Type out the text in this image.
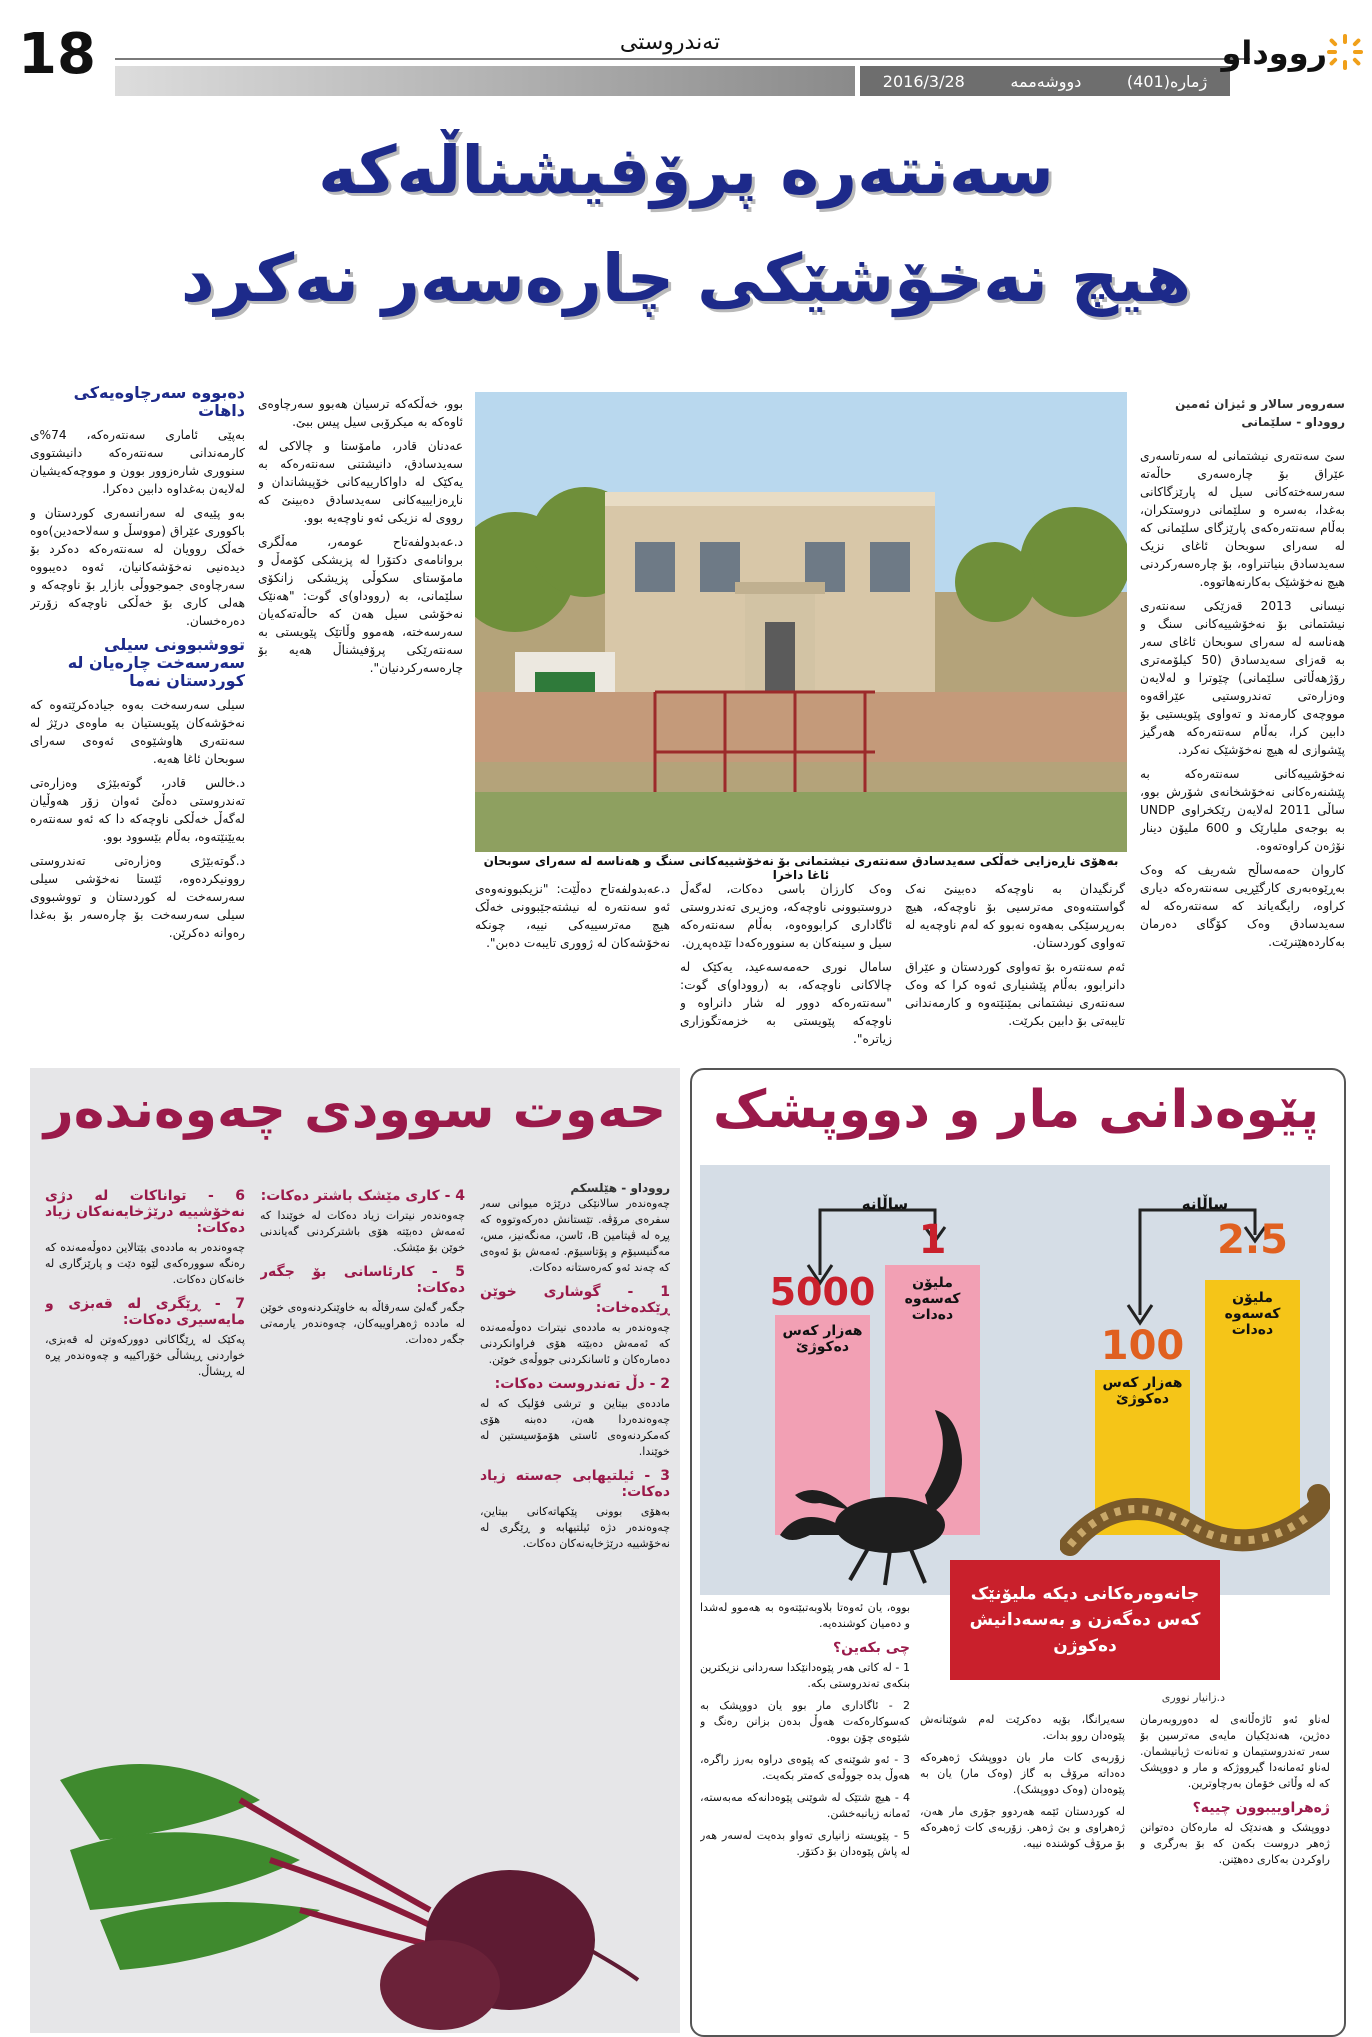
18	تەندروستی
ژمارە(401)
دووشەممە
2016/3/28
رووداو
سەنتەرە پرۆفیشناڵەکە
هیچ نەخۆشێکی چارەسەر نەکرد
سەروەر سالار و ئیزان ئەمین
رووداو - سلێمانی

سێ سەنتەری نیشتمانی لە سەرتاسەری عێراق بۆ چارەسەری حاڵەتە سەرسەختەکانی سیل لە پارێزگاکانی بەغدا، بەسرە و سلێمانی دروستکران، بەڵام سەنتەرەکەی پارێزگای سلێمانی کە لە سەرای سوبحان ئاغای نزیک سەیدسادق بنیاتنراوە، بۆ چارەسەرکردنی هیچ نەخۆشێک بەکارنەهاتووە.

نیسانی 2013 قەزێکی سەنتەری نیشتمانی بۆ نەخۆشییەکانی سنگ و هەناسە لە سەرای سوبحان ئاغای سەر بە قەزای سەیدسادق (50 کیلۆمەتری رۆژهەڵاتی سلێمانی) چێوترا و لەلایەن وەزارەتی تەندروستیی عێراقەوە مووچەی کارمەند و تەواوی پێویستیی بۆ دابین کرا، بەڵام سەنتەرەکە هەرگیز پێشوازی لە هیچ نەخۆشێک نەکرد.

نەخۆشییەکانی سەنتەرەکە بە پێشنەرەکانی نەخۆشخانەی شۆرش بوو، ساڵی 2011 لەلایەن رێکخراوی UNDP بە بوجەی ملیارێک و 600 ملیۆن دینار نۆژەن کراوەتەوە.

کاروان حەمەساڵح شەریف کە وەک بەڕێوەبەری کارگێڕیی سەنتەرەکە دیاری کراوە، رایگەیاند کە سەنتەرەکە لە سەیدسادق وەک کۆگای دەرمان بەکاردەهێنرێت.

بەهۆی ناڕەزایی خەڵکی سەیدسادق سەنتەری نیشتمانی بۆ نەخۆشییەکانی سنگ و هەناسە لە سەرای سوبحان ئاغا داخرا

گرنگیدان بە ناوچەکە دەبینێ نەک گواستنەوەی مەترسیی بۆ ناوچەکە، هیچ بەرپرسێکی بەهەوە نەبوو کە لەم ناوچەیە لە تەواوی کوردستان.

ئەم سەنتەرە بۆ تەواوی کوردستان و عێراق دانرابوو، بەڵام پێشنیاری ئەوە کرا کە وەک سەنتەری نیشتمانی بمێنێتەوە و کارمەندانی تایبەتی بۆ دابین بکرێت.

وەک کارزان باسی دەکات، لەگەڵ دروستبوونی ناوچەکە، وەزیری تەندروستی ئاگاداری کرابووەوە، بەڵام سەنتەرەکە سیل و سینەکان بە سنوورەکەدا تێدەپەڕن.

سامال نوری حەمەسەعید، یەکێک لە چالاکانی ناوچەکە، بە (رووداو)ی گوت: "سەنتەرەکە دوور لە شار دانراوە و ناوچەکە پێویستی بە خزمەتگوزاری زیاترە".

د.عەبدولفەتاح دەڵێت: "نزیکبوونەوەی ئەو سەنتەرە لە نیشتەجێبوونی خەڵک هیچ مەترسییەکی نییە، چونکە نەخۆشەکان لە ژووری تایبەت دەبن".

بوو، خەڵکەکە ترسیان هەبوو سەرچاوەی ئاوەکە بە میکرۆبی سیل پیس ببێ.

عەدنان قادر، مامۆستا و چالاکی لە سەیدسادق، دانیشتنی سەنتەرەکە بە یەکێک لە داواکارییەکانی خۆپیشاندان و ناڕەزایییەکانی سەیدسادق دەبینێ کە رووی لە نزیکی ئەو ناوچەیە بوو.

د.عەبدولفەتاح عومەر، مەڵگری بروانامەی دکتۆرا لە پزیشکی کۆمەڵ و مامۆستای سکوڵی پزیشکی زانکۆی سلێمانی، بە (رووداو)ی گوت: "هەنێک نەخۆشی سیل هەن کە حاڵەتەکەیان سەرسەختە، هەموو وڵاتێک پێویستی بە سەنتەرێکی پرۆفیشناڵ هەیە بۆ چارەسەرکردنیان".

دەبووە سەرچاوەیەکی داهات

بەپێی ئاماری سەنتەرەکە، 74%ی کارمەندانی سەنتەرەکە دانیشتووی سنووری شارەزوور بوون و مووچەکەیشیان لەلایەن بەغداوە دابین دەکرا.

بەو پێیەی لە سەرانسەری کوردستان و باکووری عێراق (مووسڵ و سەلاحەدین)ەوە خەڵک روویان لە سەنتەرەکە دەکرد بۆ دیدەنیی نەخۆشەکانیان، ئەوە دەیبووە سەرچاوەی جموجووڵی بازاڕ بۆ ناوچەکە و هەلی کاری بۆ خەڵکی ناوچەکە زۆرتر دەرەخسان.

تووشبوونی سیلی سەرسەخت چارەیان لە کوردستان نەما

سیلی سەرسەخت بەوە جیادەکرێتەوە کە نەخۆشەکان پێویستیان بە ماوەی درێژ لە سەنتەری هاوشێوەی ئەوەی سەرای سوبحان ئاغا هەیە.

د.خالس قادر، گوتەبێژی وەزارەتی تەندروستی دەڵێ ئەوان زۆر هەوڵیان لەگەڵ خەڵکی ناوچەکە دا کە ئەو سەنتەرە بەیێنێتەوە، بەڵام بێسوود بوو.

د.گوتەبێژی وەزارەتی تەندروستی روونیکردەوە، ئێستا نەخۆشی سیلی سەرسەخت لە کوردستان و تووشبووی سیلی سەرسەخت بۆ چارەسەر بۆ بەغدا رەوانە دەکرێن.

حەوت سوودی چەوەندەر
رووداو - هێلسکم

چەوەندەر سالانێکی درێژە میوانی سەر سفرەی مرۆڤە. تێستانش دەرکەوتووە کە پڕە لە ڤیتامین B، ئاسن، مەنگەنیز، مس، مەگنیسیۆم و پۆتاسیۆم. ئەمەش بۆ ئەوەی کە چەند ئەو کەرەستانە دەکات.

1 - گوشاری خوێن ڕێکدەخات:

چەوەندەر بە ماددەی نیترات دەوڵەمەندە کە ئەمەش دەبێتە هۆی فراوانکردنی دەمارەکان و ئاسانکردنی جووڵەی خوێن.

2 - دڵ تەندروست دەکات:

ماددەی بیتاین و ترشی فۆلیک کە لە چەوەندەردا هەن، دەبنە هۆی کەمکردنەوەی ئاستی هۆمۆسیستین لە خوێندا.

3 - ئیلتیهابی جەستە زیاد دەکات:

بەهۆی بوونی پێکهاتەکانی بیتاین، چەوەندەر دژە ئیلتیهابە و ڕێگری لە نەخۆشییە درێژخایەنەکان دەکات.

4 - کاری مێشک باشتر دەکات:

چەوەندەر نیترات زیاد دەکات لە خوێندا کە ئەمەش دەبێتە هۆی باشترکردنی گەیاندنی خوێن بۆ مێشک.

5 - کارئاسانی بۆ جگەر دەکات:

جگەر گەلێ سەرقاڵە بە خاوێنکردنەوەی خوێن لە ماددە ژەهراوییەکان، چەوەندەر یارمەتی جگەر دەدات.

6 - تواناکات لە دژی نەخۆشییە درێژخایەنەکان زیاد دەکات:

چەوەندەر بە ماددەی بێتالاین دەوڵەمەندە کە رەنگە سوورەکەی لێوە دێت و پارێزگاری لە خانەکان دەکات.

7 - ڕێگری لە قەبزی و مایەسیری دەکات:

پەکێک لە ڕێگاکانی دوورکەوتن لە قەبزی، خواردنی ڕیشاڵی خۆراکییە و چەوەندەر پڕە لە ڕیشاڵ.

پێوەدانی مار و دووپشک
ساڵانە
ساڵانە
2.5
ملیۆن کەسەوە دەدات
100
هەزار کەس دەکوژێ
1
ملیۆن کەسەوە دەدات
5000
هەزار کەس دەکوژێ
جانەوەرەکانی دیکە ملیۆنێک کەس دەگەزن و بەسەدانیش دەکوژن
د.زانیار نووری

لەناو ئەو ئاژەڵانەی لە دەوروبەرمان دەژین، هەندێکیان مایەی مەترسین بۆ سەر تەندروستیمان و تەنانەت ژیانیشمان. لەناو ئەمانەدا گیرووژکە و مار و دووپشک کە لە وڵاتی خۆمان بەرچاوترین.

ژەهراوییبوون چییە؟

دووپشک و هەندێک لە مارەکان دەتوانن ژەهر دروست بکەن کە بۆ بەرگری و راوکردن بەکاری دەهێنن.

سەیرانگا، بۆیە دەکرێت لەم شوێنانەش پێوەدان روو بدات.

زۆربەی کات مار بان دووپشک ژەهرەکە دەداتە مرۆڤ بە گاز (وەک مار) یان بە پێوەدان (وەک دووپشک).

لە کوردستان ئێمە هەردوو جۆری مار هەن، ژەهراوی و بێ ژەهر. زۆربەی کات ژەهرەکە بۆ مرۆڤ کوشندە نییە.

بووە، یان ئەوەتا بلاوبەتبێتەوە بە هەموو لەشدا و دەمیان کوشندەیە.

چی بکەین؟

1 - لە کاتی هەر پێوەدانێکدا سەردانی نزیکترین بنکەی تەندروستی بکە.

2 - ئاگاداری مار بوو یان دووپشک بە کەسوکارەکەت هەوڵ بدەن بزانن رەنگ و شێوەی چۆن بووە.

3 - ئەو شوێنەی کە پێوەی دراوە بەرز راگرە، هەوڵ بدە جووڵەی کەمتر بکەیت.

4 - هیچ شتێک لە شوێنی پێوەدانەکە مەبەستە، ئەمانە زیانبەخشن.

5 - پێویستە زانیاری تەواو بدەیت لەسەر هەر لە پاش پێوەدان بۆ دکتۆر.
